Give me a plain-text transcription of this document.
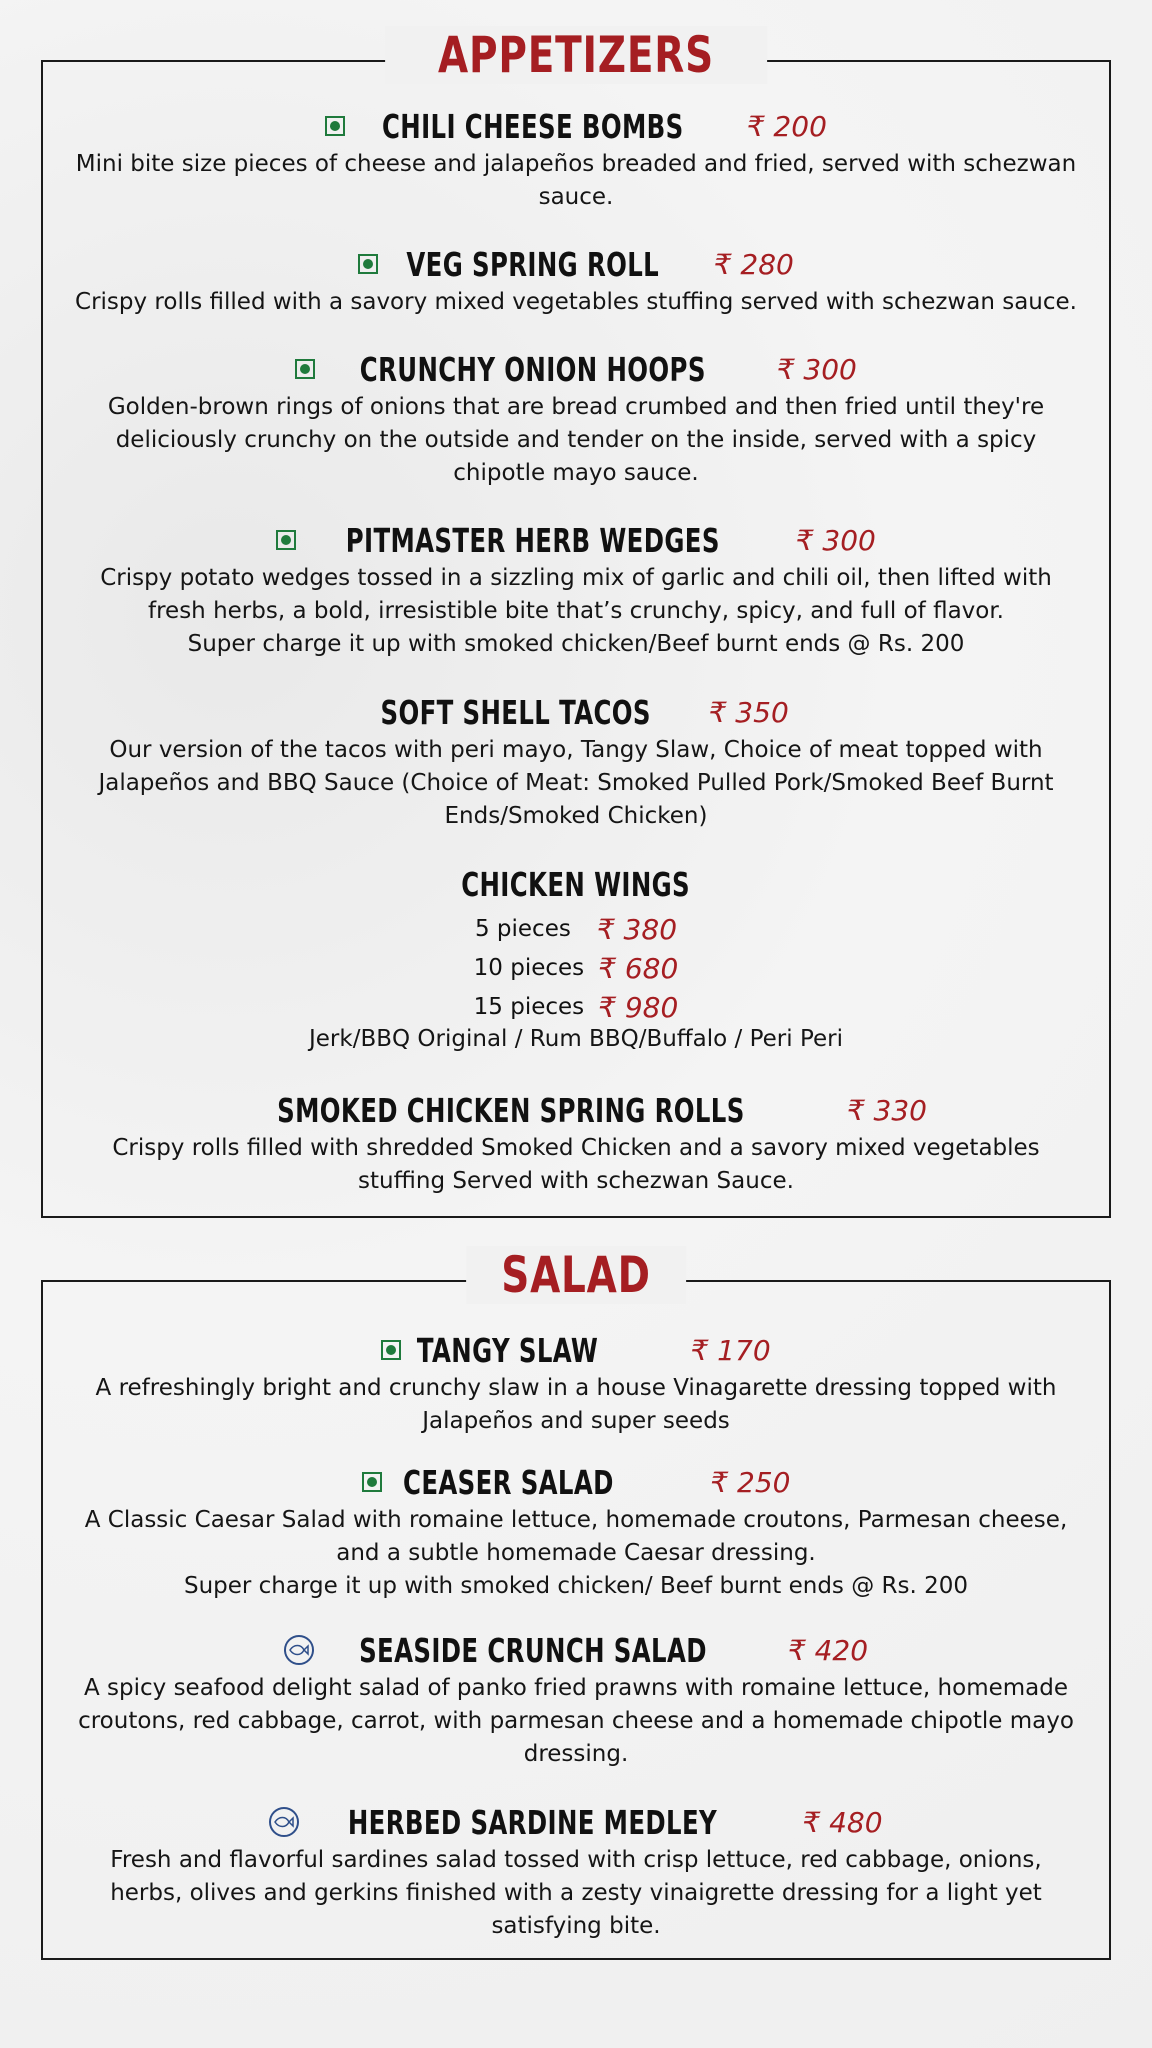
APPETIZERS
CHILI CHEESE BOMBS ₹ 200
Mini bite size pieces of cheese and jalapeños breaded and fried, served with schezwan sauce.
VEG SPRING ROLL ₹ 280
Crispy rolls filled with a savory mixed vegetables stuffing served with schezwan sauce.
CRUNCHY ONION HOOPS	₹ 300
Golden-brown rings of onions that are bread crumbed and then fried until they're deliciously crunchy on the outside and tender on the inside, served with a spicy chipotle mayo sauce.
PITMASTER HERB WEDGES	₹ 300
Crispy potato wedges tossed in a sizzling mix of garlic and chili oil, then lifted with fresh herbs, a bold, irresistible bite that’s crunchy, spicy, and full of flavor.
Super charge it up with smoked chicken/Beef burnt ends @ Rs. 200
SOFT SHELL TACOS ₹ 350
Our version of the tacos with peri mayo, Tangy Slaw, Choice of meat topped with Jalapeños and BBQ Sauce (Choice of Meat: Smoked Pulled Pork/Smoked Beef Burnt Ends/Smoked Chicken)
CHICKEN WINGS
5 pieces ₹ 380
10 pieces ₹ 680
15 pieces ₹ 980
Jerk/BBQ Original / Rum BBQ/Buffalo / Peri Peri
SMOKED CHICKEN SPRING ROLLS	₹ 330
Crispy rolls filled with shredded Smoked Chicken and a savory mixed vegetables stuffing Served with schezwan Sauce.
SALAD
TANGY SLAW	₹ 170
A refreshingly bright and crunchy slaw in a house Vinagarette dressing topped with Jalapeños and super seeds
CEASER SALAD	₹ 250
A Classic Caesar Salad with romaine lettuce, homemade croutons, Parmesan cheese, and a subtle homemade Caesar dressing.
Super charge it up with smoked chicken/ Beef burnt ends @ Rs. 200
SEASIDE CRUNCH SALAD	₹ 420
A spicy seafood delight salad of panko fried prawns with romaine lettuce, homemade croutons, red cabbage, carrot, with parmesan cheese and a homemade chipotle mayo dressing.
HERBED SARDINE MEDLEY	₹ 480
Fresh and flavorful sardines salad tossed with crisp lettuce, red cabbage, onions, herbs, olives and gerkins finished with a zesty vinaigrette dressing for a light yet satisfying bite.
